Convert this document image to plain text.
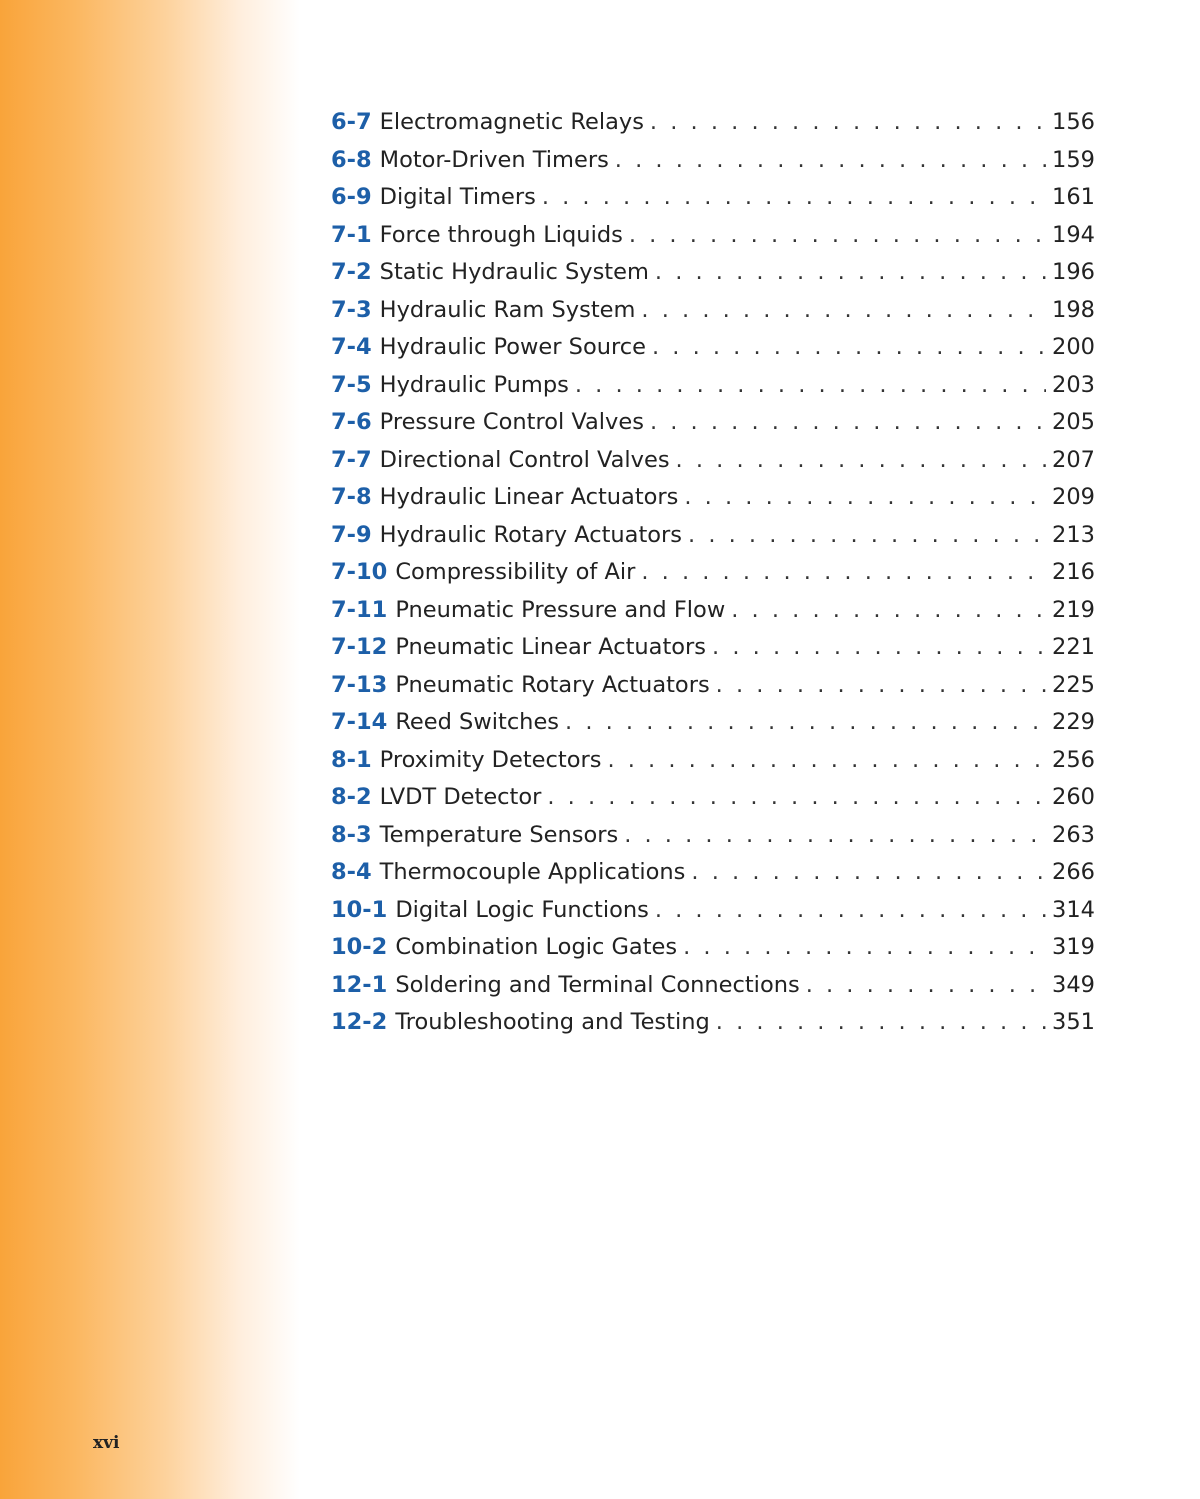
6-7 Electromagnetic Relays . . .	156
6-8 Motor-Driven Timers . . .	159
6-9 Digital Timers . . .	161
7-1 Force through Liquids . . .	194
7-2 Static Hydraulic System . . .	196
7-3 Hydraulic Ram System . . .	198
7-4 Hydraulic Power Source . . .	200
7-5 Hydraulic Pumps . . .	203
7-6 Pressure Control Valves . . .	205
7-7 Directional Control Valves . . .	207
7-8 Hydraulic Linear Actuators . . .	209
7-9 Hydraulic Rotary Actuators . . .	213
7-10 Compressibility of Air . . .	216
7-11 Pneumatic Pressure and Flow . . .	219
7-12 Pneumatic Linear Actuators . . .	221
7-13 Pneumatic Rotary Actuators . . .	225
7-14 Reed Switches . . .	229
8-1 Proximity Detectors . . .	256
8-2 LVDT Detector . . .	260
8-3 Temperature Sensors . . .	263
8-4 Thermocouple Applications . . .	266
10-1 Digital Logic Functions . . .	314
10-2 Combination Logic Gates . . .	319
12-1 Soldering and Terminal Connections . . .	349
12-2 Troubleshooting and Testing . . .	351
xvi
